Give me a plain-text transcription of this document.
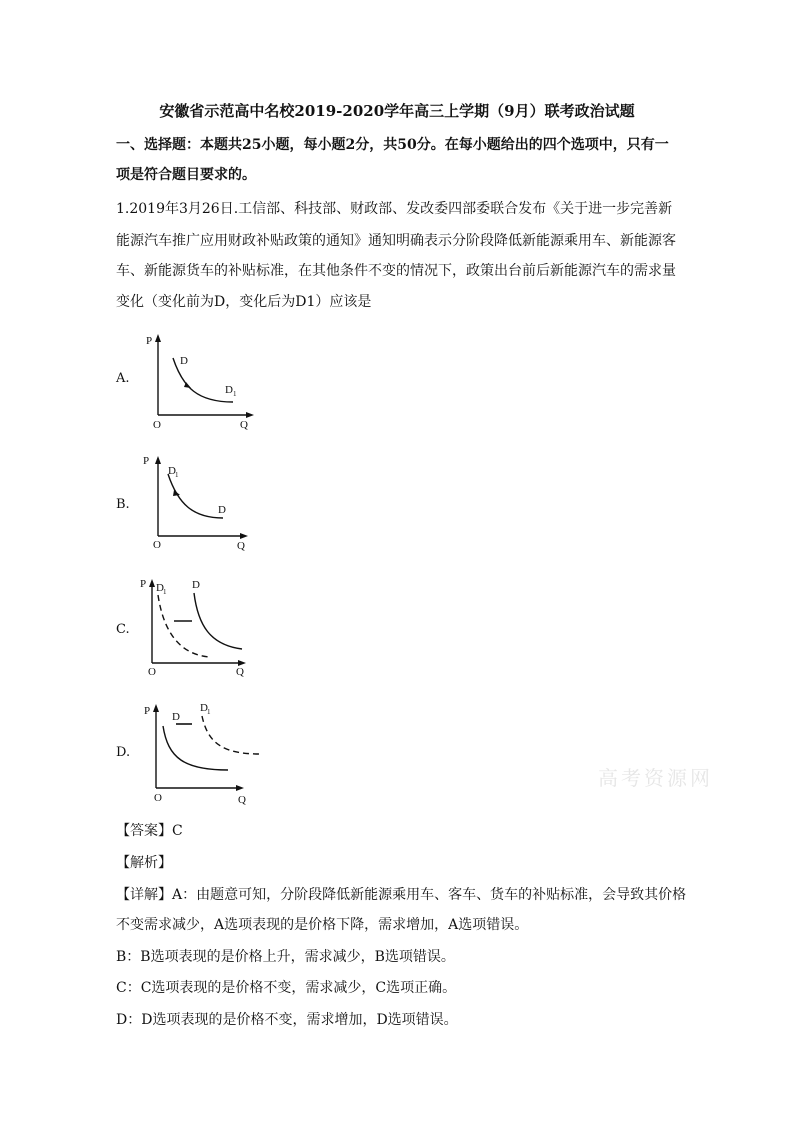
安徽省示范高中名校2019-2020学年高三上学期（9月）联考政治试题
一、选择题：本题共25小题，每小题2分，共50分。在每小题给出的四个选项中，只有一
项是符合题目要求的。
1.2019年3月26日.工信部、科技部、财政部、发改委四部委联合发布《关于进一步完善新
能源汽车推广应用财政补贴政策的通知》通知明确表示分阶段降低新能源乘用车、新能源客
车、新能源货车的补贴标准，在其他条件不变的情况下，政策出台前后新能源汽车的需求量
变化（变化前为D，变化后为D1）应该是
A.
P
O	Q
D
D 1
B.
P
O	Q
D 1
D
C.
P
O	Q
D 1
D
D.
P
O	Q
D
D 1
【答案】C
【解析】
【详解】A：由题意可知，分阶段降低新能源乘用车、客车、货车的补贴标准，会导致其价格
不变需求减少，A选项表现的是价格下降，需求增加，A选项错误。
B：B选项表现的是价格上升，需求减少，B选项错误。
C：C选项表现的是价格不变，需求减少，C选项正确。
D：D选项表现的是价格不变，需求增加，D选项错误。
高考资源网
